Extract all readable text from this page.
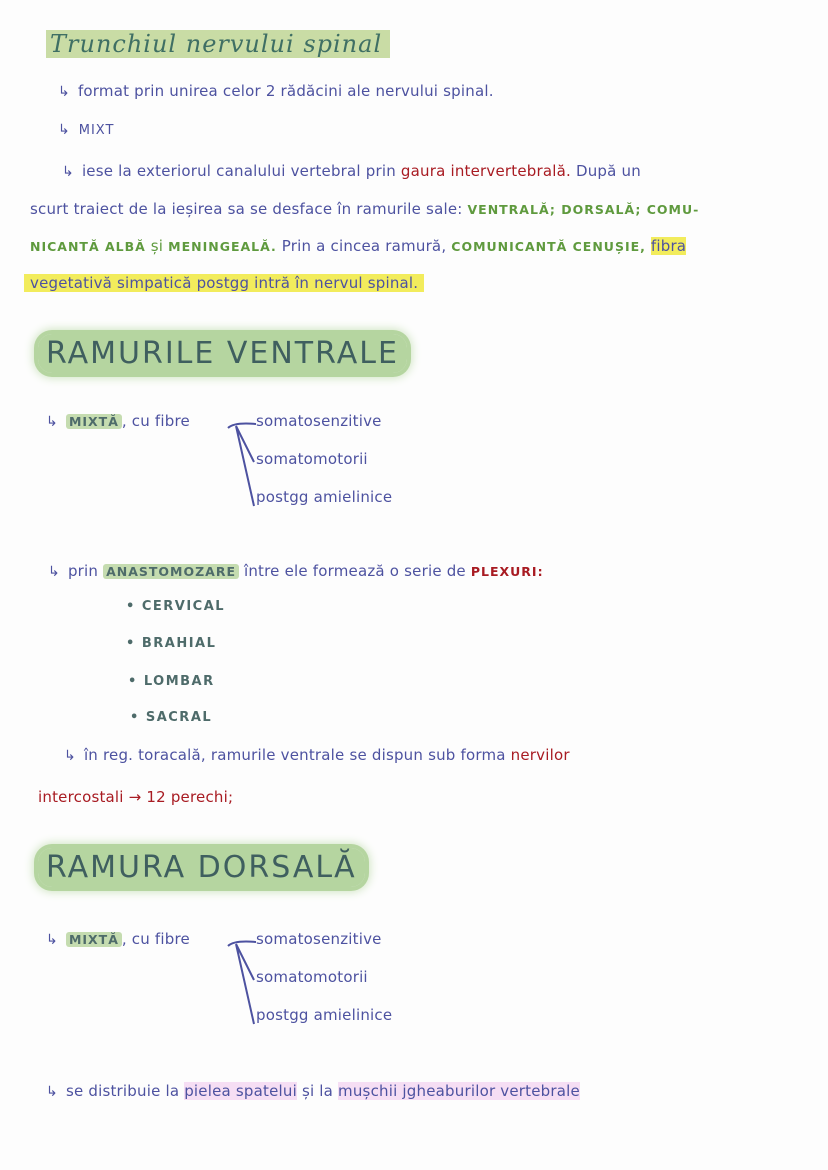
Trunchiul nervului spinal
↳ format prin unirea celor 2 rădăcini ale nervului spinal.
↳ MIXT
↳ iese la exteriorul canalului vertebral prin gaura intervertebrală. După un
scurt traiect de la ieșirea sa se desface în ramurile sale: VENTRALĂ; DORSALĂ; COMU-
NICANTĂ ALBĂ și MENINGEALĂ. Prin a cincea ramură, COMUNICANTĂ CENUȘIE, fibra
vegetativă simpatică postgg intră în nervul spinal.
RAMURILE VENTRALE
↳ MIXTĂ , cu fibre	somatosenzitive
somatomotorii
postgg amielinice
↳ prin ANASTOMOZARE între ele formează o serie de PLEXURI:
• CERVICAL
• BRAHIAL
• LOMBAR
• SACRAL
↳ în reg. toracală, ramurile ventrale se dispun sub forma nervilor
intercostali → 12 perechi;
RAMURA DORSALĂ
↳ MIXTĂ , cu fibre	somatosenzitive
somatomotorii
postgg amielinice
↳ se distribuie la pielea spatelui și la mușchii jgheaburilor vertebrale
